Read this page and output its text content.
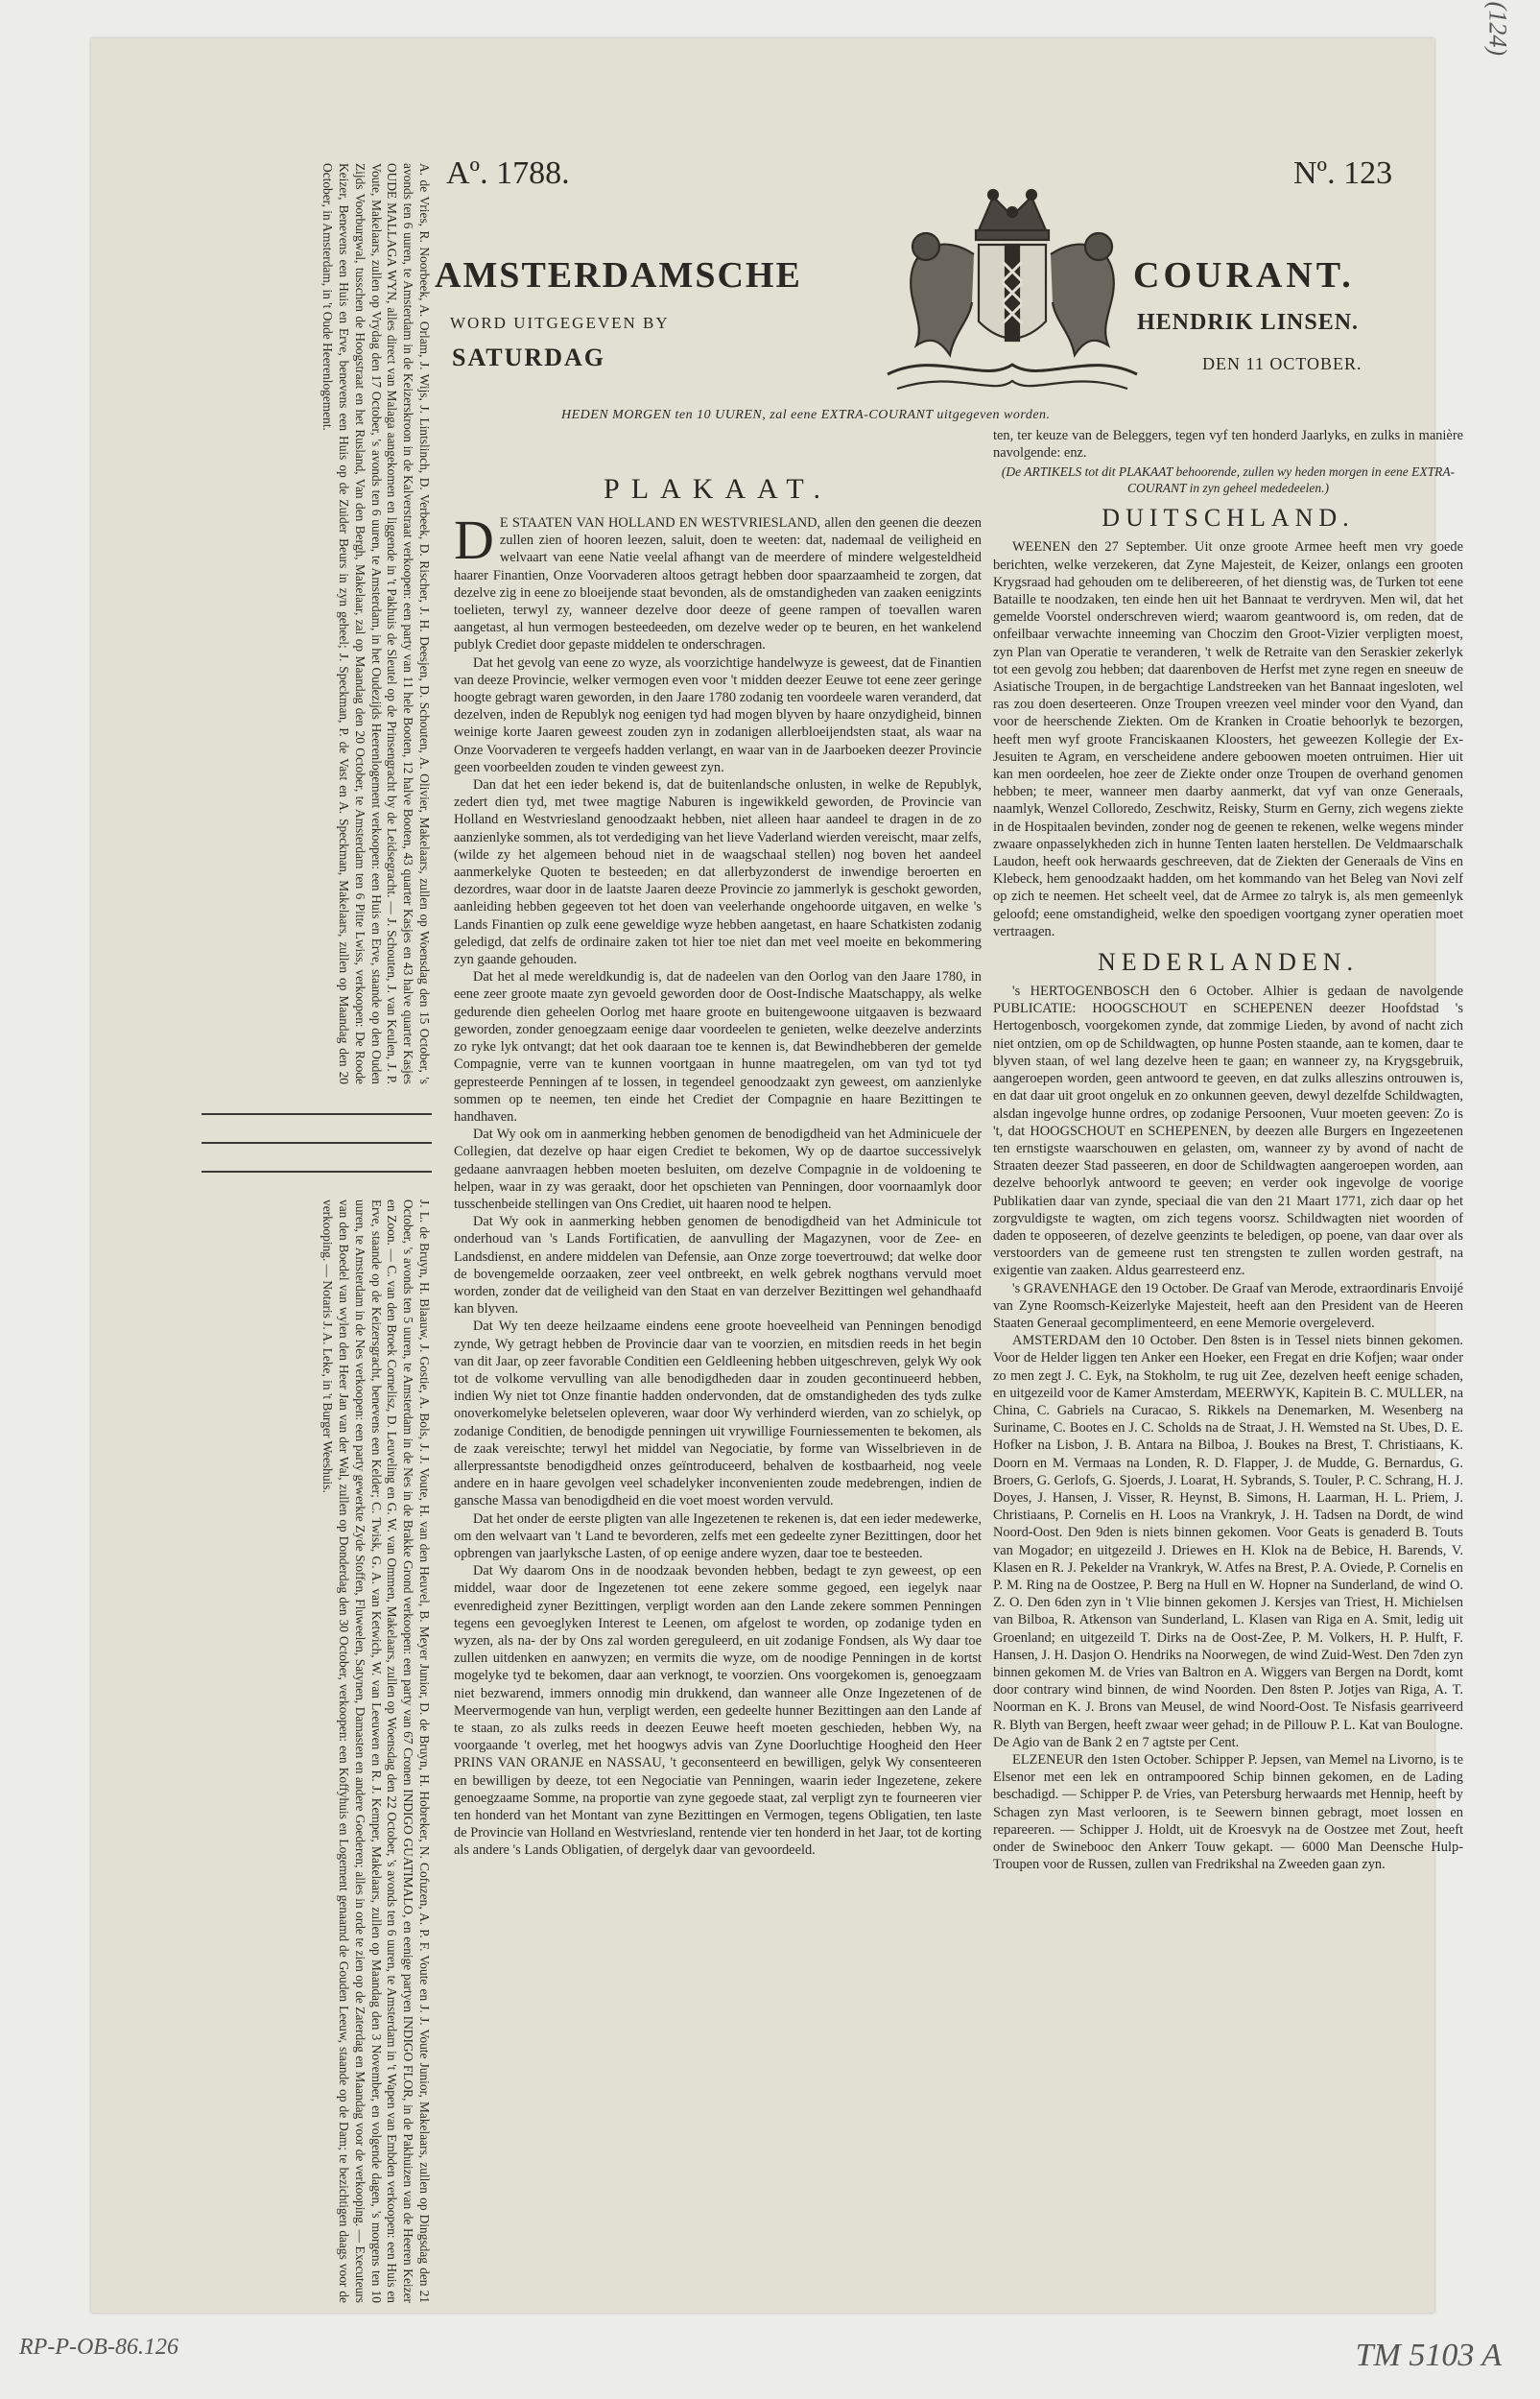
(124)
RP-P-OB-86.126	TM 5103 A

A. de Vries, R. Noorbeek, A. Orlam, J. Wijs, J. Lintslinch, D. Verbeek, D. Rischer, J. H. Deesjen, D. Schouten, A. Olivier, Makelaars, zullen op Woensdag den 15 October, 's avonds ten 6 uuren, te Amsterdam in de Keizerskroon in de Kalverstraat verkoopen: een party van 11 hele Booten, 12 halve Booten, 43 quarter Kasjes en 43 halve quarter Kasjes OUDE MALLAGA WYN, alles direct van Malaga aangekomen en liggende in 't Pakhuis de Sleutel op de Prinsengracht by de Leidsegracht. — J. Schouten, J. van Keulen, J. P. Voute, Makelaars, zullen op Vrydag den 17 October, 's avonds ten 6 uuren, te Amsterdam, in het Oudezijds Heerenlogement verkoopen: een Huis en Erve, staande op den Ouden Zijds Voorburgwal, tusschen de Hoogstraat en het Rusland, Van den Bergh, Makelaar, zal op Maandag den 20 October, te Amsterdam ten 6 Pitte Lwiss, verkoopen: De Roode Keizer, Benevens een Huis en Erve, benevens een Huis op de Zuider Beurs in zyn geheel; J. Speckman, P. de Vast en A. Speckman, Makelaars, zullen op Maandag den 20 October, in Amsterdam, in 't Oude Heerenlogement.

J. L. de Bruyn, H. Blaauw, J. Gostie, A. Bols, J. J. Voute, H. van den Heuvel, B. Meyer Junior, D. de Bruyn, H. Hobreker, N. Cofuzen, A. P. F. Voute en J. J. Voute Junior, Makelaars, zullen op Dingsdag den 21 October, 's avonds ten 5 uuren, te Amsterdam in de Nes in de Brakke Grond verkoopen: een party van 67 Cronen INDIGO GUATIMALO, en eenige partyen INDIGO FLOR, in de Pakhuizen van de Heeren Keizer en Zoon. — C. van den Broek Cornelisz, D. Leuveling en G. W. van Ommen, Makelaars, zullen op Woensdag den 22 October, 's avonds ten 6 uuren, te Amsterdam in 't Wapen van Embden verkoopen: een Huis en Erve, staande op de Keizersgracht, benevens een Kelder; C. Twisk, G. A. van Ketwich, W. van Leeuwen en R. J. Kemper, Makelaars, zullen op Maandag den 3 November, en volgende dagen, 's morgens ten 10 uuren, te Amsterdam in de Nes verkoopen: een party gewerkte Zyde Stoffen, Fluweelen, Satynen, Damasten en andere Goederen; alles in orde te zien op de Zaterdag en Maandag voor de verkooping. — Executeurs van den Boedel van wylen den Heer Jan van der Wal, zullen op Donderdag den 30 October, verkoopen: een Koffyhuis en Logement genaamd de Gouden Leeuw, staande op de Dam; te bezichtigen daags voor de verkooping. — Notaris J. A. Leke, in 't Burger Weeshuis.

Aº. 1788.	Nº. 123
AMSTERDAMSCHE	COURANT.
WORD UITGEGEVEN BY	HENDRIK LINSEN.
SATURDAG	DEN 11 OCTOBER.
HEDEN MORGEN ten 10 UUREN, zal eene EXTRA-COURANT uitgegeven worden.
PLAKAAT.

D E STAATEN VAN HOLLAND EN WESTVRIESLAND, allen den geenen die deezen zullen zien of hooren leezen, saluit, doen te weeten: dat, nademaal de veiligheid en welvaart van eene Natie veelal afhangt van de meerdere of mindere welgesteldheid haarer Finantien, Onze Voorvaderen altoos getragt hebben door spaarzaamheid te zorgen, dat dezelve zig in eene zo bloeijende staat bevonden, als de omstandigheden van zaaken eenigzints toelieten, terwyl zy, wanneer dezelve door deeze of geene rampen of toevallen waren aangetast, al hun vermogen besteedeeden, om dezelve weder op te beuren, en het wankelend publyk Crediet door gepaste middelen te onderschragen.

Dat het gevolg van eene zo wyze, als voorzichtige handelwyze is geweest, dat de Finantien van deeze Provincie, welker vermogen even voor 't midden deezer Eeuwe tot eene zeer geringe hoogte gebragt waren geworden, in den Jaare 1780 zodanig ten voordeele waren veranderd, dat dezelven, inden de Republyk nog eenigen tyd had mogen blyven by haare onzydigheid, binnen weinige korte Jaaren geweest zouden zyn in zodanigen allerbloeijendsten staat, als waar na Onze Voorvaderen te vergeefs hadden verlangt, en waar van in de Jaarboeken deezer Provincie geen voorbeelden zouden te vinden geweest zyn.

Dan dat het een ieder bekend is, dat de buitenlandsche onlusten, in welke de Republyk, zedert dien tyd, met twee magtige Naburen is ingewikkeld geworden, de Provincie van Holland en Westvriesland genoodzaakt hebben, niet alleen haar aandeel te dragen in de zo aanzienlyke sommen, als tot verdediging van het lieve Vaderland wierden vereischt, maar zelfs, (wilde zy het algemeen behoud niet in de waagschaal stellen) nog boven het aandeel aanmerkelyke Quoten te besteeden; en dat allerbyzonderst de inwendige beroerten en dezordres, waar door in de laatste Jaaren deeze Provincie zo jammerlyk is geschokt geworden, aanleiding hebben gegeeven tot het doen van veelerhande ongehoorde uitgaven, en welke 's Lands Finantien op zulk eene geweldige wyze hebben aangetast, en haare Schatkisten zodanig geledigd, dat zelfs de ordinaire zaken tot hier toe niet dan met veel moeite en bekommering zyn gaande gehouden.

Dat het al mede wereldkundig is, dat de nadeelen van den Oorlog van den Jaare 1780, in eene zeer groote maate zyn gevoeld geworden door de Oost-Indische Maatschappy, als welke gedurende dien geheelen Oorlog met haare groote en buitengewoone uitgaaven is bezwaard geworden, zonder genoegzaam eenige daar voordeelen te genieten, welke deezelve anderzints zo ryke lyk ontvangt; dat het ook daaraan toe te kennen is, dat Bewindhebberen der gemelde Compagnie, verre van te kunnen voortgaan in hunne maatregelen, om van tyd tot tyd gepresteerde Penningen af te lossen, in tegendeel genoodzaakt zyn geweest, om aanzienlyke sommen op te neemen, ten einde het Crediet der Compagnie en haare Bezittingen te handhaven.

Dat Wy ook om in aanmerking hebben genomen de benodigdheid van het Adminicuele der Collegien, dat dezelve op haar eigen Crediet te bekomen, Wy op de daartoe successivelyk gedaane aanvraagen hebben moeten besluiten, om dezelve Compagnie in de voldoening te helpen, waar in zy was geraakt, door het opschieten van Penningen, door voornaamlyk door tusschenbeide stellingen van Ons Crediet, uit haaren nood te helpen.

Dat Wy ook in aanmerking hebben genomen de benodigdheid van het Adminicule tot onderhoud van 's Lands Fortificatien, de aanvulling der Magazynen, voor de Zee- en Landsdienst, en andere middelen van Defensie, aan Onze zorge toevertrouwd; dat welke door de bovengemelde oorzaaken, zeer veel ontbreekt, en welk gebrek nogthans vervuld moet worden, zonder dat de veiligheid van den Staat en van derzelver Bezittingen wel gehandhaafd kan blyven.

Dat Wy ten deeze heilzaame eindens eene groote hoeveelheid van Penningen benodigd zynde, Wy getragt hebben de Provincie daar van te voorzien, en mitsdien reeds in het begin van dit Jaar, op zeer favorable Conditien een Geldleening hebben uitgeschreven, gelyk Wy ook tot de volkome vervulling van alle benodigdheden daar in zouden gecontinueerd hebben, indien Wy niet tot Onze finantie hadden ondervonden, dat de omstandigheden des tyds zulke onoverkomelyke beletselen opleveren, waar door Wy verhinderd wierden, van zo schielyk, op zodanige Conditien, de benodigde penningen uit vrywillige Fourniessementen te bekomen, als de zaak vereischte; terwyl het middel van Negociatie, by forme van Wisselbrieven in de allerpressantste benodigdheid onzes geïntroduceerd, behalven de kostbaarheid, nog veele andere en in haare gevolgen veel schadelyker inconvenienten zoude medebrengen, indien de gansche Massa van benodigdheid en die voet moest worden vervuld.

Dat het onder de eerste pligten van alle Ingezetenen te rekenen is, dat een ieder medewerke, om den welvaart van 't Land te bevorderen, zelfs met een gedeelte zyner Bezittingen, door het opbrengen van jaarlyksche Lasten, of op eenige andere wyzen, daar toe te besteeden.

Dat Wy daarom Ons in de noodzaak bevonden hebben, bedagt te zyn geweest, op een middel, waar door de Ingezetenen tot eene zekere somme gegoed, een iegelyk naar evenredigheid zyner Bezittingen, verpligt worden aan den Lande zekere sommen Penningen tegens een gevoeglyken Interest te Leenen, om afgelost te worden, op zodanige tyden en wyzen, als na- der by Ons zal worden gereguleerd, en uit zodanige Fondsen, als Wy daar toe zullen uitdenken en aanwyzen; en vermits die wyze, om de noodige Penningen in de kortst mogelyke tyd te bekomen, daar aan verknogt, te voorzien. Ons voorgekomen is, genoegzaam niet bezwarend, immers onnodig min drukkend, dan wanneer alle Onze Ingezetenen of de Meervermogende van hun, verpligt werden, een gedeelte hunner Bezittingen aan den Lande af te staan, zo als zulks reeds in deezen Eeuwe heeft moeten geschieden, hebben Wy, na voorgaande 't overleg, met het hoogwys advis van Zyne Doorluchtige Hoogheid den Heer PRINS VAN ORANJE en NASSAU, 't geconsenteerd en bewilligen, gelyk Wy consenteeren en bewilligen by deeze, tot een Negociatie van Penningen, waarin ieder Ingezetene, zekere genoegzaame Somme, na proportie van zyne gegoede staat, zal verpligt zyn te fourneeren vier ten honderd van het Montant van zyne Bezittingen en Vermogen, tegens Obligatien, ten laste de Provincie van Holland en Westvriesland, rentende vier ten honderd in het Jaar, tot de korting als andere 's Lands Obligatien, of dergelyk daar van gevoordeeld.

ten, ter keuze van de Beleggers, tegen vyf ten honderd Jaarlyks, en zulks in manière navolgende: enz.

(De ARTIKELS tot dit PLAKAAT behoorende, zullen wy heden morgen in eene EXTRA-COURANT in zyn geheel mededeelen.)
DUITSCHLAND.

WEENEN den 27 September. Uit onze groote Armee heeft men vry goede berichten, welke verzekeren, dat Zyne Majesteit, de Keizer, onlangs een grooten Krygsraad had gehouden om te delibereeren, of het dienstig was, de Turken tot eene Bataille te noodzaken, ten einde hen uit het Bannaat te verdryven. Men wil, dat het gemelde Voorstel onderschreven wierd; waarom geantwoord is, om reden, dat de onfeilbaar verwachte inneeming van Choczim den Groot-Vizier verpligten moest, zyn Plan van Operatie te veranderen, 't welk de Retraite van den Seraskier zekerlyk tot een gevolg zou hebben; dat daarenboven de Herfst met zyne regen en sneeuw de Asiatische Troupen, in de bergachtige Landstreeken van het Bannaat ingesloten, wel ras zou doen deserteeren. Onze Troupen vreezen veel minder voor den Vyand, dan voor de heerschende Ziekten. Om de Kranken in Croatie behoorlyk te bezorgen, heeft men wyf groote Franciskaanen Kloosters, het geweezen Kollegie der Ex-Jesuiten te Agram, en verscheidene andere geboowen moeten ontruimen. Hier uit kan men oordeelen, hoe zeer de Ziekte onder onze Troupen de overhand genomen hebben; te meer, wanneer men daarby aanmerkt, dat vyf van onze Generaals, naamlyk, Wenzel Colloredo, Zeschwitz, Reisky, Sturm en Gerny, zich wegens ziekte in de Hospitaalen bevinden, zonder nog de geenen te rekenen, welke wegens minder zwaare onpasselykheden zich in hunne Tenten laaten herstellen. De Veldmaarschalk Laudon, heeft ook herwaards geschreeven, dat de Ziekten der Generaals de Vins en Klebeck, hem genoodzaakt hadden, om het kommando van het Beleg van Novi zelf op zich te neemen. Het scheelt veel, dat de Armee zo talryk is, als men gemeenlyk geloofd; eene omstandigheid, welke den spoedigen voortgang zyner operatien moet vertraagen.

NEDERLANDEN.

's HERTOGENBOSCH den 6 October. Alhier is gedaan de navolgende PUBLICATIE: HOOGSCHOUT en SCHEPENEN deezer Hoofdstad 's Hertogenbosch, voorgekomen zynde, dat zommige Lieden, by avond of nacht zich niet ontzien, om op de Schildwagten, op hunne Posten staande, aan te komen, daar te blyven staan, of wel lang dezelve heen te gaan; en wanneer zy, na Krygsgebruik, aangeroepen worden, geen antwoord te geeven, en dat zulks alleszins ontrouwen is, en dat daar uit groot ongeluk en zo onkunnen geeven, dewyl dezelfde Schildwagten, alsdan ingevolge hunne ordres, op zodanige Persoonen, Vuur moeten geeven: Zo is 't, dat HOOGSCHOUT en SCHEPENEN, by deezen alle Burgers en Ingezeetenen ten ernstigste waarschouwen en gelasten, om, wanneer zy by avond of nacht de Straaten deezer Stad passeeren, en door de Schildwagten aangeroepen worden, aan dezelve behoorlyk antwoord te geeven; en verder ook ingevolge de voorige Publikatien daar van zynde, speciaal die van den 21 Maart 1771, zich daar op het zorgvuldigste te wagten, om zich tegens voorsz. Schildwagten niet woorden of daden te opposeeren, of dezelve geenzints te beledigen, op poene, van daar over als verstoorders van de gemeene rust ten strengsten te zullen worden gestraft, na exigentie van zaaken. Aldus gearresteerd enz.

's GRAVENHAGE den 19 October. De Graaf van Merode, extraordinaris Envoijé van Zyne Roomsch-Keizerlyke Majesteit, heeft aan den President van de Heeren Staaten Generaal gecomplimenteerd, en eene Memorie overgeleverd.

AMSTERDAM den 10 October. Den 8sten is in Tessel niets binnen gekomen. Voor de Helder liggen ten Anker een Hoeker, een Fregat en drie Kofjen; waar onder zo men zegt J. C. Eyk, na Stokholm, te rug uit Zee, dezelven heeft eenige schaden, en uitgezeild voor de Kamer Amsterdam, MEERWYK, Kapitein B. C. MULLER, na China, C. Gabriels na Curacao, S. Rikkels na Denemarken, M. Wesenberg na Suriname, C. Bootes en J. C. Scholds na de Straat, J. H. Wemsted na St. Ubes, D. E. Hofker na Lisbon, J. B. Antara na Bilboa, J. Boukes na Brest, T. Christiaans, K. Doorn en M. Vermaas na Londen, R. D. Flapper, J. de Mudde, G. Bernardus, G. Broers, G. Gerlofs, G. Sjoerds, J. Loarat, H. Sybrands, S. Touler, P. C. Schrang, H. J. Doyes, J. Hansen, J. Visser, R. Heynst, B. Simons, H. Laarman, H. L. Priem, J. Christiaans, P. Cornelis en H. Loos na Vrankryk, J. H. Tadsen na Dordt, de wind Noord-Oost. Den 9den is niets binnen gekomen. Voor Geats is genaderd B. Touts van Mogador; en uitgezeild J. Driewes en H. Klok na de Bebice, H. Barends, V. Klasen en R. J. Pekelder na Vrankryk, W. Atfes na Brest, P. A. Oviede, P. Cornelis en P. M. Ring na de Oostzee, P. Berg na Hull en W. Hopner na Sunderland, de wind O. Z. O. Den 6den zyn in 't Vlie binnen gekomen J. Kersjes van Triest, H. Michielsen van Bilboa, R. Atkenson van Sunderland, L. Klasen van Riga en A. Smit, ledig uit Groenland; en uitgezeild T. Dirks na de Oost-Zee, P. M. Volkers, H. P. Hulft, F. Hansen, J. H. Dasjon O. Hendriks na Noorwegen, de wind Zuid-West. Den 7den zyn binnen gekomen M. de Vries van Baltron en A. Wiggers van Bergen na Dordt, komt door contrary wind binnen, de wind Noorden. Den 8sten P. Jotjes van Riga, A. T. Noorman en K. J. Brons van Meusel, de wind Noord-Oost. Te Nisfasis gearriveerd R. Blyth van Bergen, heeft zwaar weer gehad; in de Pillouw P. L. Kat van Boulogne. De Agio van de Bank 2 en 7 agtste per Cent.

ELZENEUR den 1sten October. Schipper P. Jepsen, van Memel na Livorno, is te Elsenor met een lek en ontrampoored Schip binnen gekomen, en de Lading beschadigd. — Schipper P. de Vries, van Petersburg herwaards met Hennip, heeft by Schagen zyn Mast verlooren, is te Seewern binnen gebragt, moet lossen en repareeren. — Schipper J. Holdt, uit de Kroesvyk na de Oostzee met Zout, heeft onder de Swinebooc den Ankerr Touw gekapt. — 6000 Man Deensche Hulp-Troupen voor de Russen, zullen van Fredrikshal na Zweeden gaan zyn.
